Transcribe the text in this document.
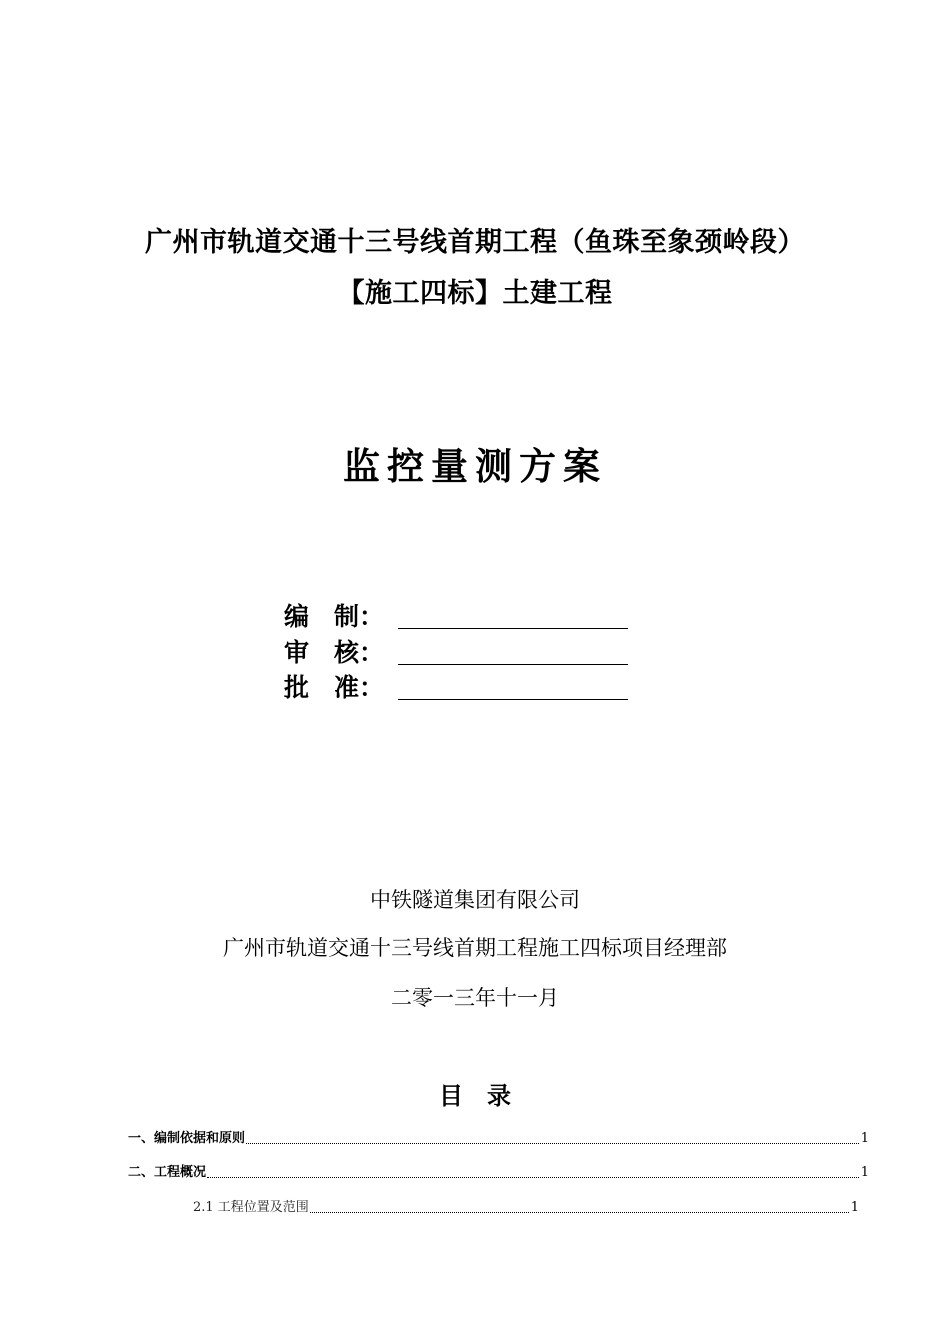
广州市轨道交通十三号线首期工程（鱼珠至象颈岭段）
【施工四标】土建工程
监控量测方案
编　制：
审　核：
批　准：
中铁隧道集团有限公司
广州市轨道交通十三号线首期工程施工四标项目经理部
二零一三年十一月
目　录
一、编制依据和原则	1
二、工程概况	1
2.1 工程位置及范围	1
